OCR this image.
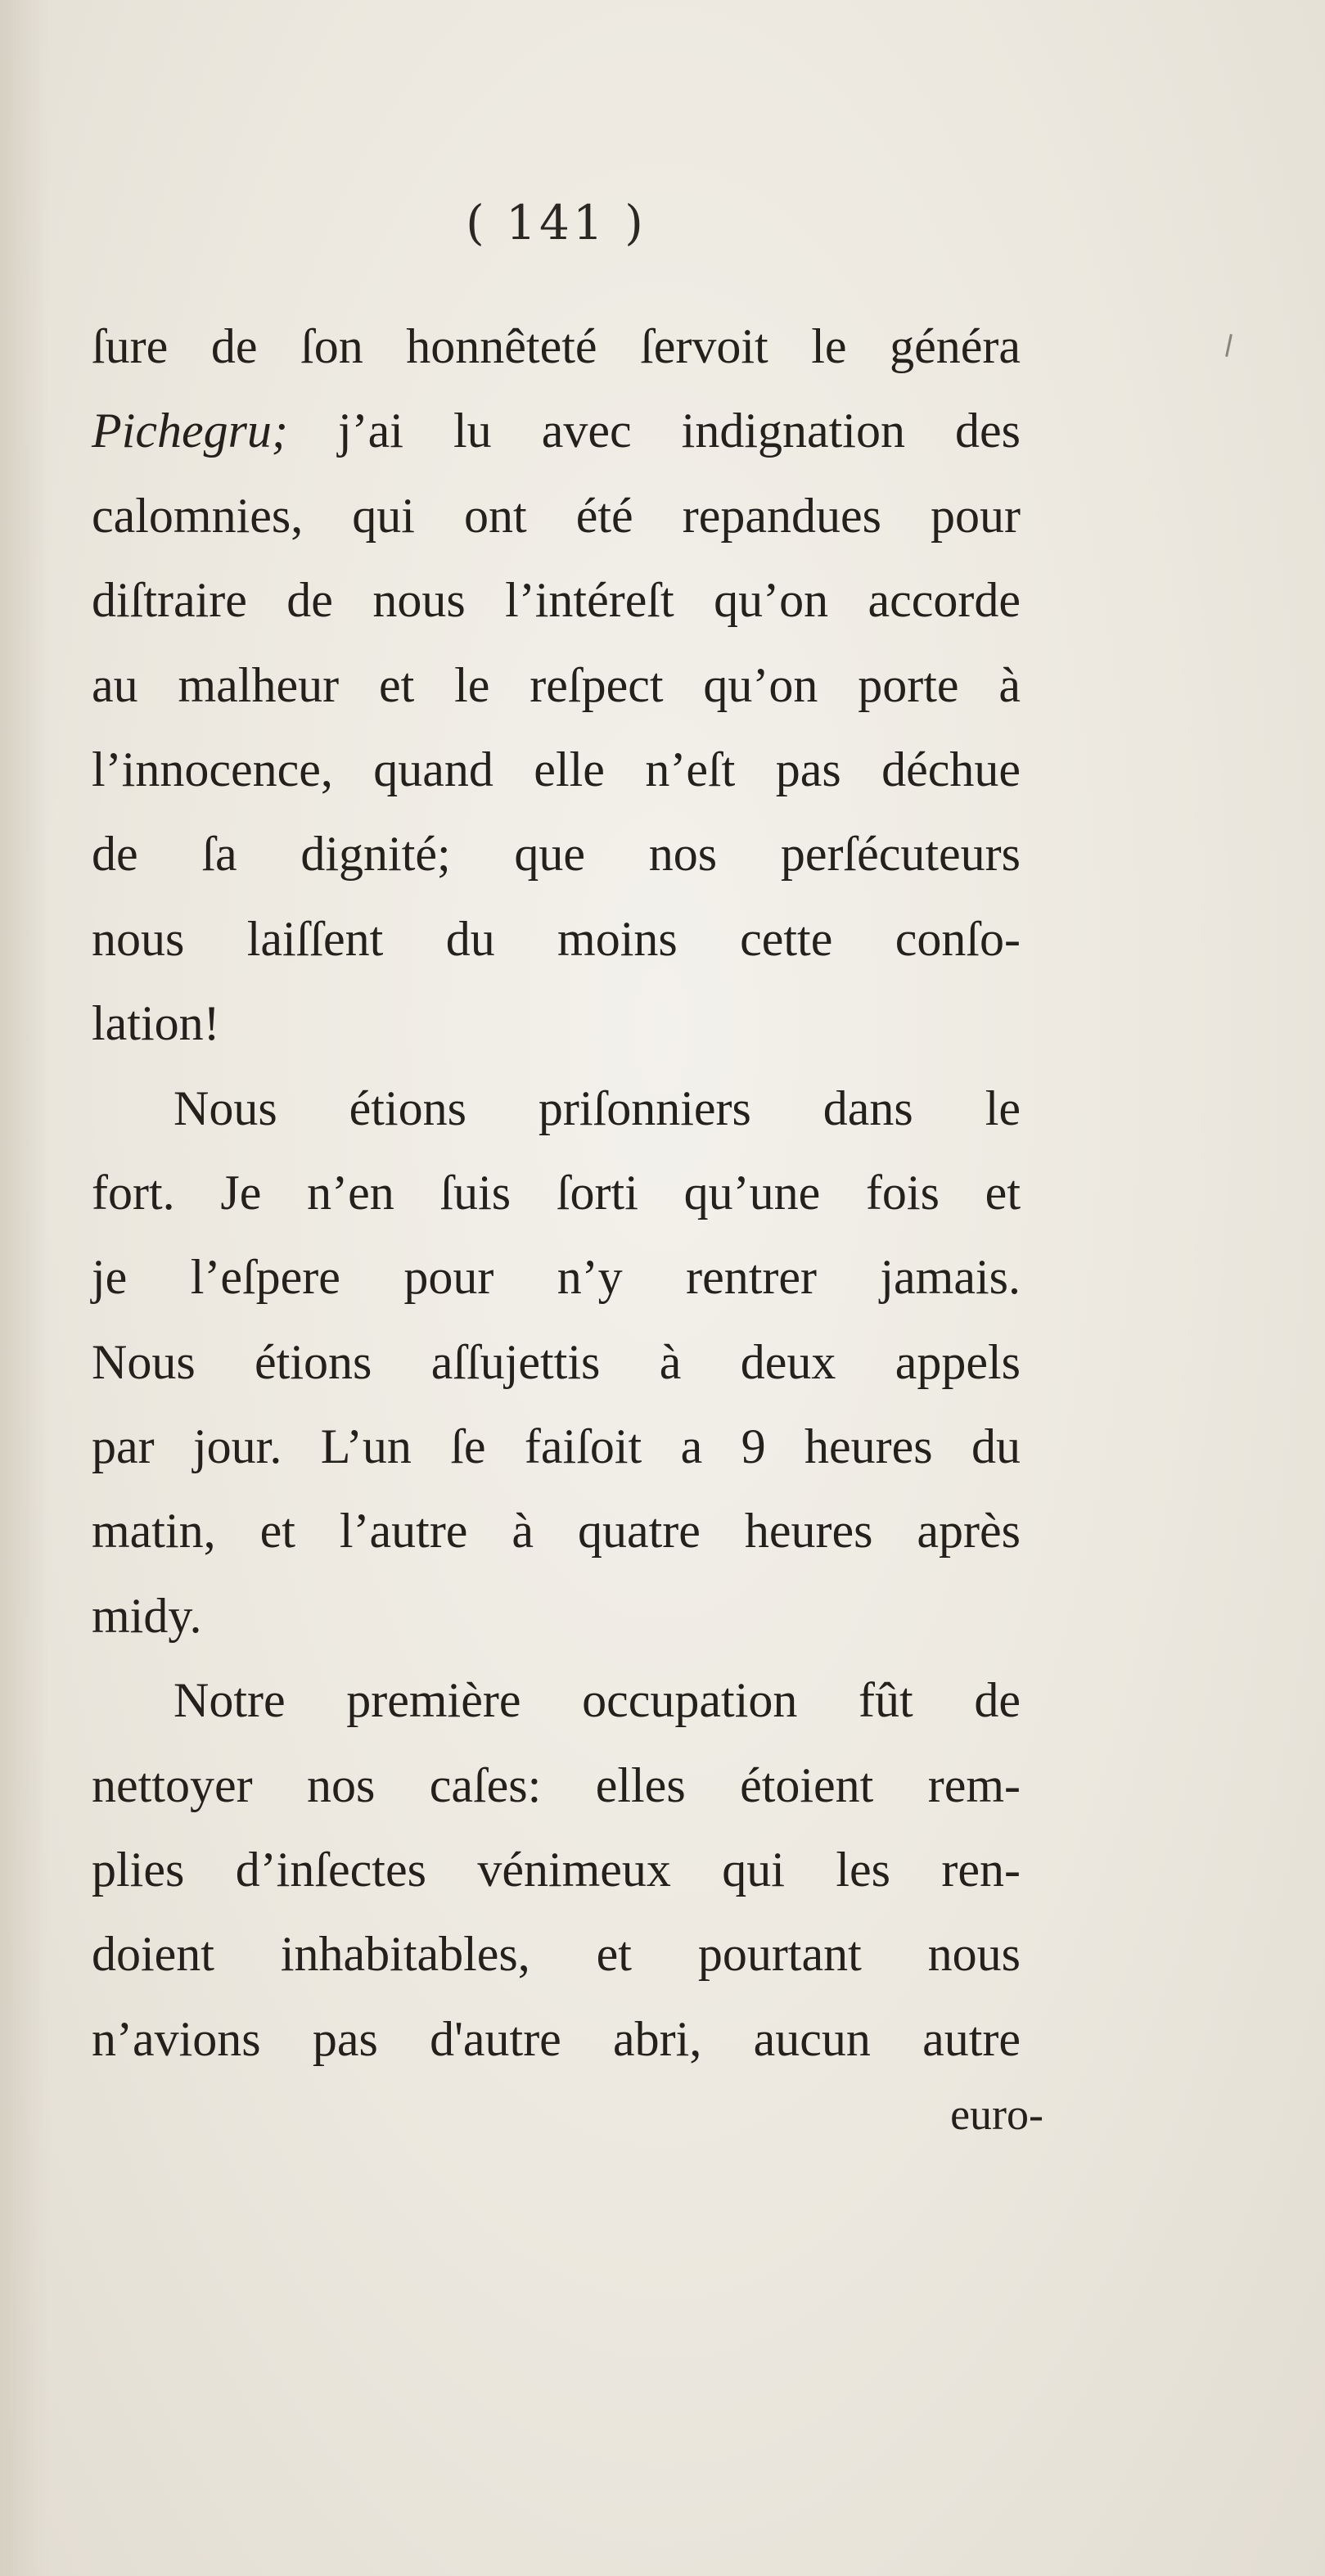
( 141 )
ſure de ſon honnêteté ſervoit le généra
Pichegru; j’ai lu avec indignation des
calomnies, qui ont été repandues pour
diſtraire de nous l’intéreſt qu’on accorde
au malheur et le reſpect qu’on porte à
l’innocence, quand elle n’eſt pas déchue
de ſa dignité; que nos perſécuteurs
nous laiſſent du moins cette conſo-
lation!
Nous étions priſonniers dans le
fort. Je n’en ſuis ſorti qu’une fois et
je l’eſpere pour n’y rentrer jamais.
Nous étions aſſujettis à deux appels
par jour. L’un ſe faiſoit a 9 heures du
matin, et l’autre à quatre heures après
midy.
Notre première occupation fût de
nettoyer nos caſes: elles étoient rem-
plies d’inſectes vénimeux qui les ren-
doient inhabitables, et pourtant nous
n’avions pas d'autre abri, aucun autre
euro-
